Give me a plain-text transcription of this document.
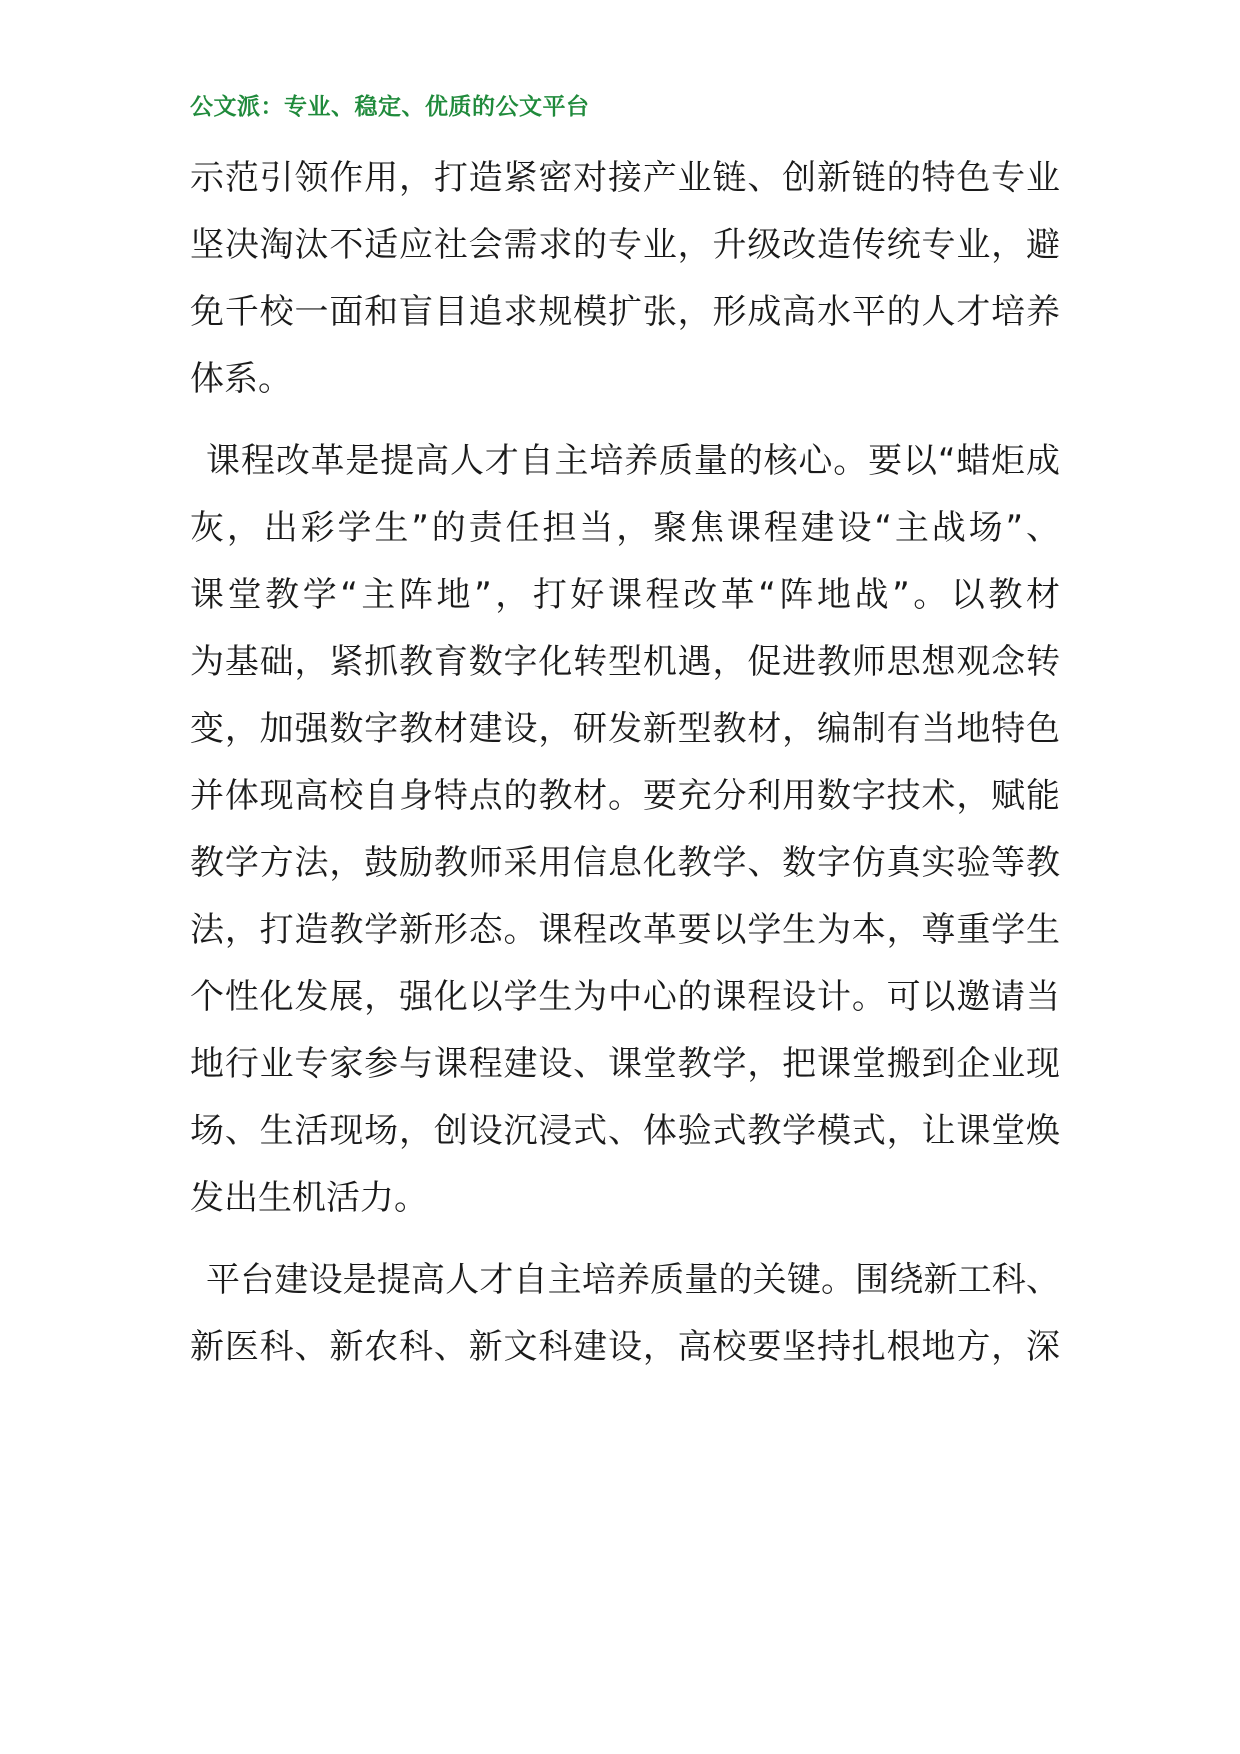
公文派：专业、稳定、优质的公文平台
示范引领作用，打造紧密对接产业链、创新链的特色专业
坚决淘汰不适应社会需求的专业，升级改造传统专业，避
免千校一面和盲目追求规模扩张，形成高水平的人才培养
体系。
课程改革是提高人才自主培养质量的核心。要以“蜡炬成
灰，出彩学生”的责任担当，聚焦课程建设“主战场”、
课堂教学“主阵地”，打好课程改革“阵地战”。以教材
为基础，紧抓教育数字化转型机遇，促进教师思想观念转
变，加强数字教材建设，研发新型教材，编制有当地特色
并体现高校自身特点的教材。要充分利用数字技术，赋能
教学方法，鼓励教师采用信息化教学、数字仿真实验等教
法，打造教学新形态。课程改革要以学生为本，尊重学生
个性化发展，强化以学生为中心的课程设计。可以邀请当
地行业专家参与课程建设、课堂教学，把课堂搬到企业现
场、生活现场，创设沉浸式、体验式教学模式，让课堂焕
发出生机活力。
平台建设是提高人才自主培养质量的关键。围绕新工科、
新医科、新农科、新文科建设，高校要坚持扎根地方，深
